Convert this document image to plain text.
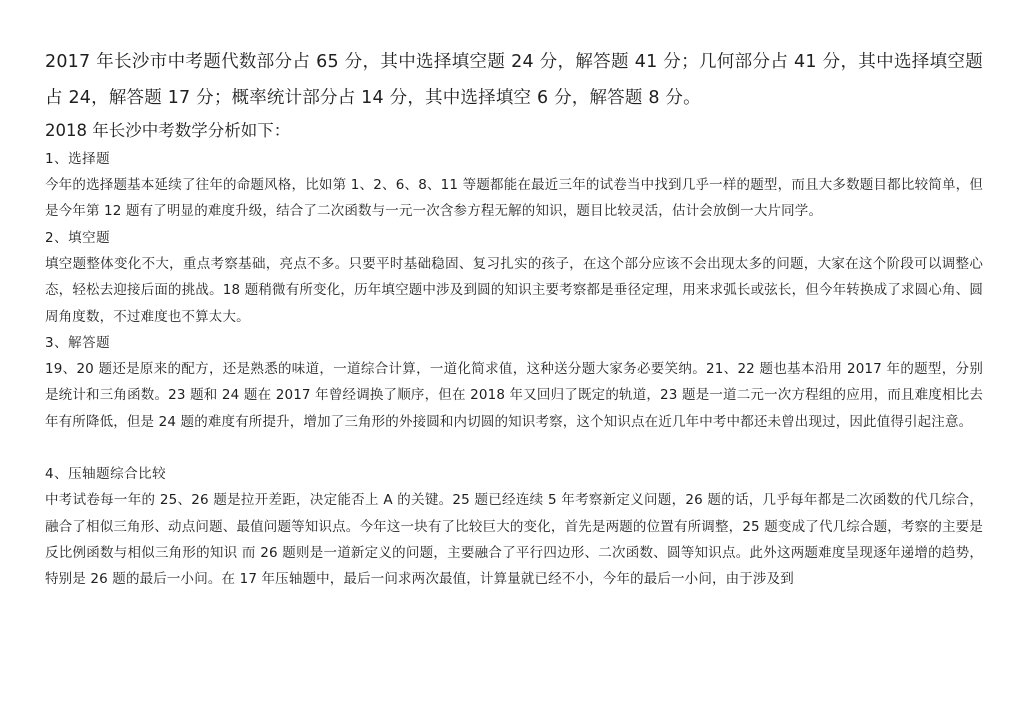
2017 年长沙市中考题代数部分占 65 分，其中选择填空题 24 分，解答题 41 分；几何部分占 41 分，其中选择填空题占 24，解答题 17 分；概率统计部分占 14 分，其中选择填空 6 分，解答题 8 分。

2018 年长沙中考数学分析如下：

1、选择题

今年的选择题基本延续了往年的命题风格，比如第 1、2、6、8、11 等题都能在最近三年的试卷当中找到几乎一样的题型，而且大多数题目都比较简单，但是今年第 12 题有了明显的难度升级，结合了二次函数与一元一次含参方程无解的知识，题目比较灵活，估计会放倒一大片同学。

2、填空题

填空题整体变化不大，重点考察基础，亮点不多。只要平时基础稳固、复习扎实的孩子，在这个部分应该不会出现太多的问题，大家在这个阶段可以调整心态，轻松去迎接后面的挑战。18 题稍微有所变化，历年填空题中涉及到圆的知识主要考察都是垂径定理，用来求弧长或弦长，但今年转换成了求圆心角、圆周角度数，不过难度也不算太大。

3、解答题

19、20 题还是原来的配方，还是熟悉的味道，一道综合计算，一道化简求值，这种送分题大家务必要笑纳。21、22 题也基本沿用 2017 年的题型，分别是统计和三角函数。23 题和 24 题在 2017 年曾经调换了顺序，但在 2018 年又回归了既定的轨道，23 题是一道二元一次方程组的应用，而且难度相比去年有所降低，但是 24 题的难度有所提升，增加了三角形的外接圆和内切圆的知识考察，这个知识点在近几年中考中都还未曾出现过，因此值得引起注意。

4、压轴题综合比较

中考试卷每一年的 25、26 题是拉开差距，决定能否上 A 的关键。25 题已经连续 5 年考察新定义问题，26 题的话，几乎每年都是二次函数的代几综合，融合了相似三角形、动点问题、最值问题等知识点。今年这一块有了比较巨大的变化，首先是两题的位置有所调整，25 题变成了代几综合题，考察的主要是反比例函数与相似三角形的知识 而 26 题则是一道新定义的问题，主要融合了平行四边形、二次函数、圆等知识点。此外这两题难度呈现逐年递增的趋势，特别是 26 题的最后一小问。在 17 年压轴题中，最后一问求两次最值，计算量就已经不小，今年的最后一小问，由于涉及到
